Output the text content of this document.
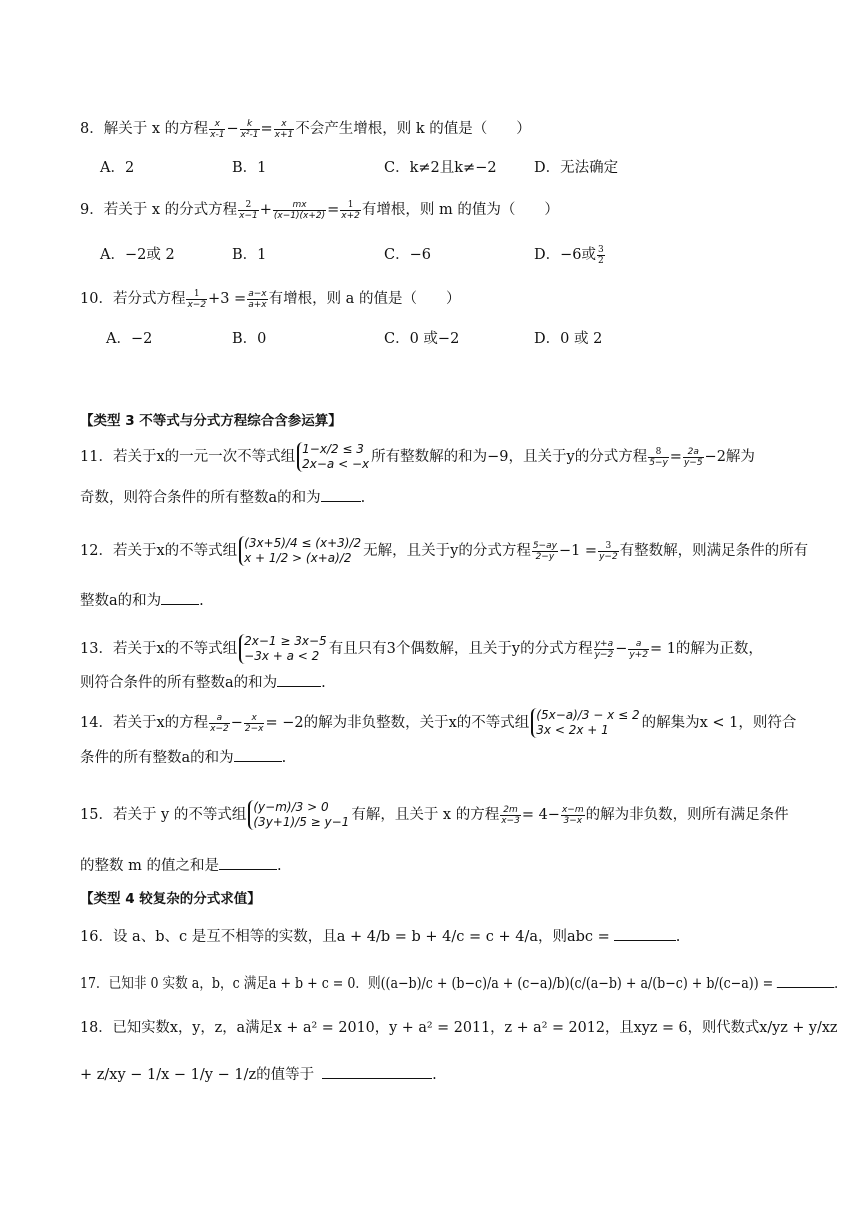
8．解关于 x 的方程 $\frac{x}{x-1} - \frac{k}{\text{x²-1}} = \frac{x}{x+1}$ 不会产生增根，则 k 的值是（　　）
A．2	B．1	C．k≠2且k≠−2	D．无法确定
9．若关于 x 的分式方程 $\frac{2}{x-1} + \frac{mx}{(x-1)(x+2)} = \frac{1}{x+2}$ 有增根，则 m 的值为（　　）
A．−2或 2	B．1	C．−6	D．−6或 $\frac{3}{2}$
10．若分式方程 $\frac{1}{x-2} +3 = \frac{a-x}{a+x}$ 有增根，则 a 的值是（　　）
A．−2	B．0	C．0 或−2	D．0 或 2
【类型 3 不等式与分式方程综合含参运算】
11．若关于x的一元一次不等式组 1−x/2 ≤ 3
2x−a < −x 所有整数解的和为−9，且关于y的分式方程 $\frac{8}{5-y} = \frac{2a}{y-5} -2$解为
奇数，则符合条件的所有整数a的和为	.
12．若关于x的不等式组 (3x+5)/4 ≤ (x+3)/2
x + 1/2 > (x+a)/2 无解，且关于y的分式方程 $\frac{5-ay}{2-y} -1 = \frac{3}{y-2}$ 有整数解，则满足条件的所有
整数a的和为	.
13．若关于x的不等式组 2x−1 ≥ 3x−5
−3x + a < 2 有且只有3个偶数解，且关于y的分式方程 $\frac{y+a}{y-2} - \frac{a}{y+2} = 1$的解为正数，
则符合条件的所有整数a的和为	.
14．若关于x的方程 $\frac{a}{x-2} - \frac{x}{2-x} = -2$的解为非负整数，关于x的不等式组 (5x−a)/3 − x ≤ 2
3x < 2x + 1	的解集为x < 1，则符合
条件的所有整数a的和为	.
15．若关于 y 的不等式组 (y−m)/3 > 0
(3y+1)/5 ≥ y−1 有解，且关于 x 的方程 $\frac{2m}{x-3} = 4- \frac{x-m}{3-x}$ 的解为非负数，则所有满足条件
的整数 m 的值之和是	.
【类型 4 较复杂的分式求值】
16．设 a、b、c 是互不相等的实数，且a + 4/b = b + 4/c = c + 4/a，则abc =	.
17．已知非 0 实数 a，b，c 满足a + b + c = 0．则((a−b)/c + (b−c)/a + (c−a)/b)(c/(a−b) + a/(b−c) + b/(c−a)) =	.
18．已知实数x，y，z，a满足x + a² = 2010，y + a² = 2011，z + a² = 2012，且xyz = 6，则代数式x/yz + y/xz
+ z/xy − 1/x − 1/y − 1/z的值等于	.
